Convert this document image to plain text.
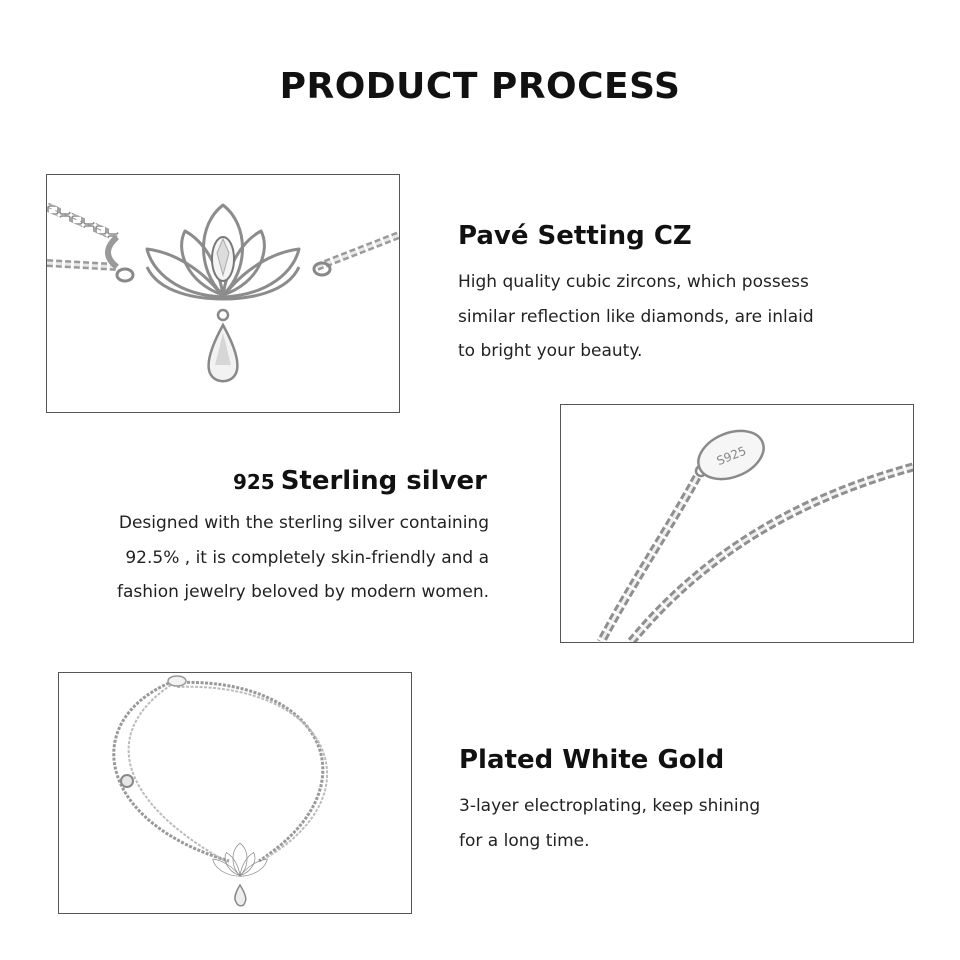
PRODUCT PROCESS
Pavé Setting CZ
High quality cubic zircons, which possess
similar reflection like diamonds, are inlaid
to bright your beauty.
925 Sterling silver
Designed with the sterling silver containing
92.5% , it is completely skin-friendly and a
fashion jewelry beloved by modern women.
S925
Plated White Gold
3-layer electroplating, keep shining
for a long time.
